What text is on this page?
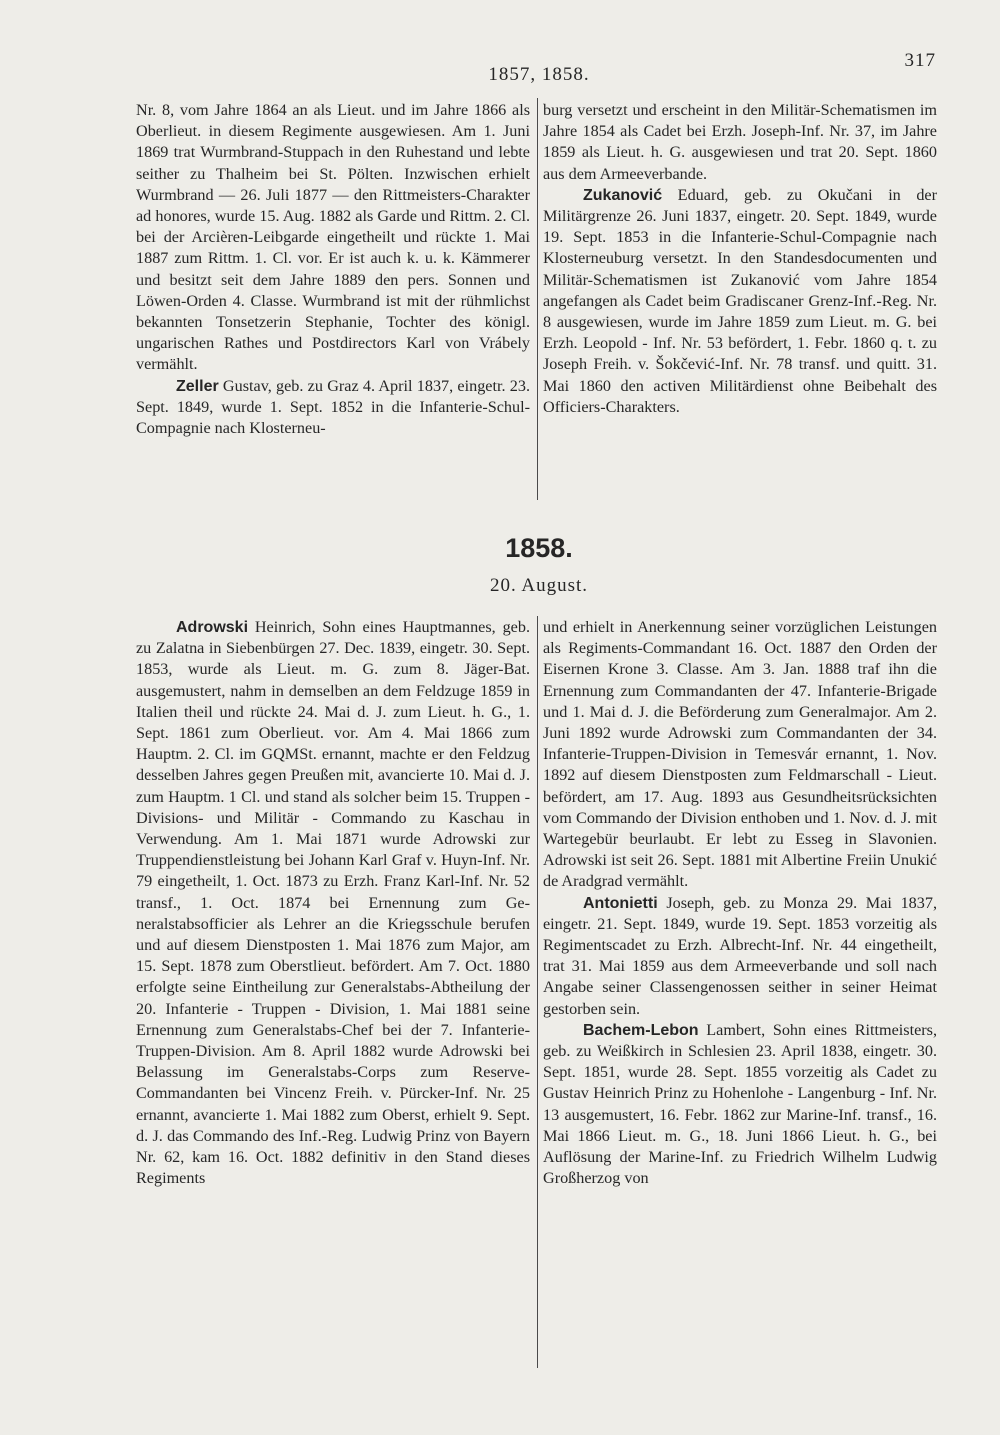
1857, 1858.
317

Nr. 8, vom Jahre 1864 an als Lieut. und im Jahre 1866 als Oberlieut. in diesem Regimente ausgewiesen. Am 1. Juni 1869 trat Wurmbrand-Stuppach in den Ruhestand und lebte seither zu Thalheim bei St. Pölten. Inzwischen erhielt Wurmbrand — 26. Juli 1877 — den Rittmeisters-Charakter ad honores, wurde 15. Aug. 1882 als Garde und Rittm. 2. Cl. bei der Arcièren-Leibgarde eingetheilt und rückte 1. Mai 1887 zum Rittm. 1. Cl. vor. Er ist auch k. u. k. Kämmerer und besitzt seit dem Jahre 1889 den pers. Sonnen und Löwen-Orden 4. Classe. Wurmbrand ist mit der rühmlichst bekannten Tonsetzerin Stephanie, Tochter des königl. ungarischen Rathes und Postdirectors Karl von Vrábely vermählt.

Zeller Gustav, geb. zu Graz 4. April 1837, eingetr. 23. Sept. 1849, wurde 1. Sept. 1852 in die Infanterie-Schul-Compagnie nach Klosterneu-

burg versetzt und erscheint in den Militär-Schematismen im Jahre 1854 als Cadet bei Erzh. Joseph-Inf. Nr. 37, im Jahre 1859 als Lieut. h. G. ausgewiesen und trat 20. Sept. 1860 aus dem Armeeverbande.

Zukanović Eduard, geb. zu Okučani in der Militärgrenze 26. Juni 1837, eingetr. 20. Sept. 1849, wurde 19. Sept. 1853 in die Infanterie-Schul-Compagnie nach Klosterneuburg versetzt. In den Standesdocumenten und Militär-Schematismen ist Zukanović vom Jahre 1854 angefangen als Cadet beim Gradiscaner Grenz-Inf.-Reg. Nr. 8 ausgewiesen, wurde im Jahre 1859 zum Lieut. m. G. bei Erzh. Leopold - Inf. Nr. 53 befördert, 1. Febr. 1860 q. t. zu Joseph Freih. v. Šokčević-Inf. Nr. 78 transf. und quitt. 31. Mai 1860 den activen Militärdienst ohne Beibehalt des Officiers-Charakters.

1858.
20. August.

Adrowski Heinrich, Sohn eines Hauptmannes, geb. zu Zalatna in Siebenbürgen 27. Dec. 1839, eingetr. 30. Sept. 1853, wurde als Lieut. m. G. zum 8. Jäger-Bat. ausgemustert, nahm in demselben an dem Feldzuge 1859 in Italien theil und rückte 24. Mai d. J. zum Lieut. h. G., 1. Sept. 1861 zum Oberlieut. vor. Am 4. Mai 1866 zum Hauptm. 2. Cl. im GQMSt. ernannt, machte er den Feldzug desselben Jahres gegen Preußen mit, avancierte 10. Mai d. J. zum Hauptm. 1 Cl. und stand als solcher beim 15. Truppen - Divisions- und Militär - Commando zu Kaschau in Verwendung. Am 1. Mai 1871 wurde Adrowski zur Truppendienstleistung bei Johann Karl Graf v. Huyn-Inf. Nr. 79 eingetheilt, 1. Oct. 1873 zu Erzh. Franz Karl-Inf. Nr. 52 transf., 1. Oct. 1874 bei Ernennung zum Generalstabsofficier als Lehrer an die Kriegsschule berufen und auf diesem Dienstposten 1. Mai 1876 zum Major, am 15. Sept. 1878 zum Oberstlieut. befördert. Am 7. Oct. 1880 erfolgte seine Eintheilung zur Generalstabs-Abtheilung der 20. Infanterie - Truppen - Division, 1. Mai 1881 seine Ernennung zum Generalstabs-Chef bei der 7. Infanterie-Truppen-Division. Am 8. April 1882 wurde Adrowski bei Belassung im Generalstabs-Corps zum Reserve-Commandanten bei Vincenz Freih. v. Pürcker-Inf. Nr. 25 ernannt, avancierte 1. Mai 1882 zum Oberst, erhielt 9. Sept. d. J. das Commando des Inf.-Reg. Ludwig Prinz von Bayern Nr. 62, kam 16. Oct. 1882 definitiv in den Stand dieses Regiments

und erhielt in Anerkennung seiner vorzüglichen Leistungen als Regiments-Commandant 16. Oct. 1887 den Orden der Eisernen Krone 3. Classe. Am 3. Jan. 1888 traf ihn die Ernennung zum Commandanten der 47. Infanterie-Brigade und 1. Mai d. J. die Beförderung zum Generalmajor. Am 2. Juni 1892 wurde Adrowski zum Commandanten der 34. Infanterie-Truppen-Division in Temesvár ernannt, 1. Nov. 1892 auf diesem Dienstposten zum Feldmarschall - Lieut. befördert, am 17. Aug. 1893 aus Gesundheitsrücksichten vom Commando der Division enthoben und 1. Nov. d. J. mit Wartegebür beurlaubt. Er lebt zu Esseg in Slavonien. Adrowski ist seit 26. Sept. 1881 mit Albertine Freiin Unukić de Aradgrad vermählt.

Antonietti Joseph, geb. zu Monza 29. Mai 1837, eingetr. 21. Sept. 1849, wurde 19. Sept. 1853 vorzeitig als Regimentscadet zu Erzh. Albrecht-Inf. Nr. 44 eingetheilt, trat 31. Mai 1859 aus dem Armeeverbande und soll nach Angabe seiner Classengenossen seither in seiner Heimat gestorben sein.

Bachem-Lebon Lambert, Sohn eines Rittmeisters, geb. zu Weißkirch in Schlesien 23. April 1838, eingetr. 30. Sept. 1851, wurde 28. Sept. 1855 vorzeitig als Cadet zu Gustav Heinrich Prinz zu Hohenlohe - Langenburg - Inf. Nr. 13 ausgemustert, 16. Febr. 1862 zur Marine-Inf. transf., 16. Mai 1866 Lieut. m. G., 18. Juni 1866 Lieut. h. G., bei Auflösung der Marine-Inf. zu Friedrich Wilhelm Ludwig Großherzog von
